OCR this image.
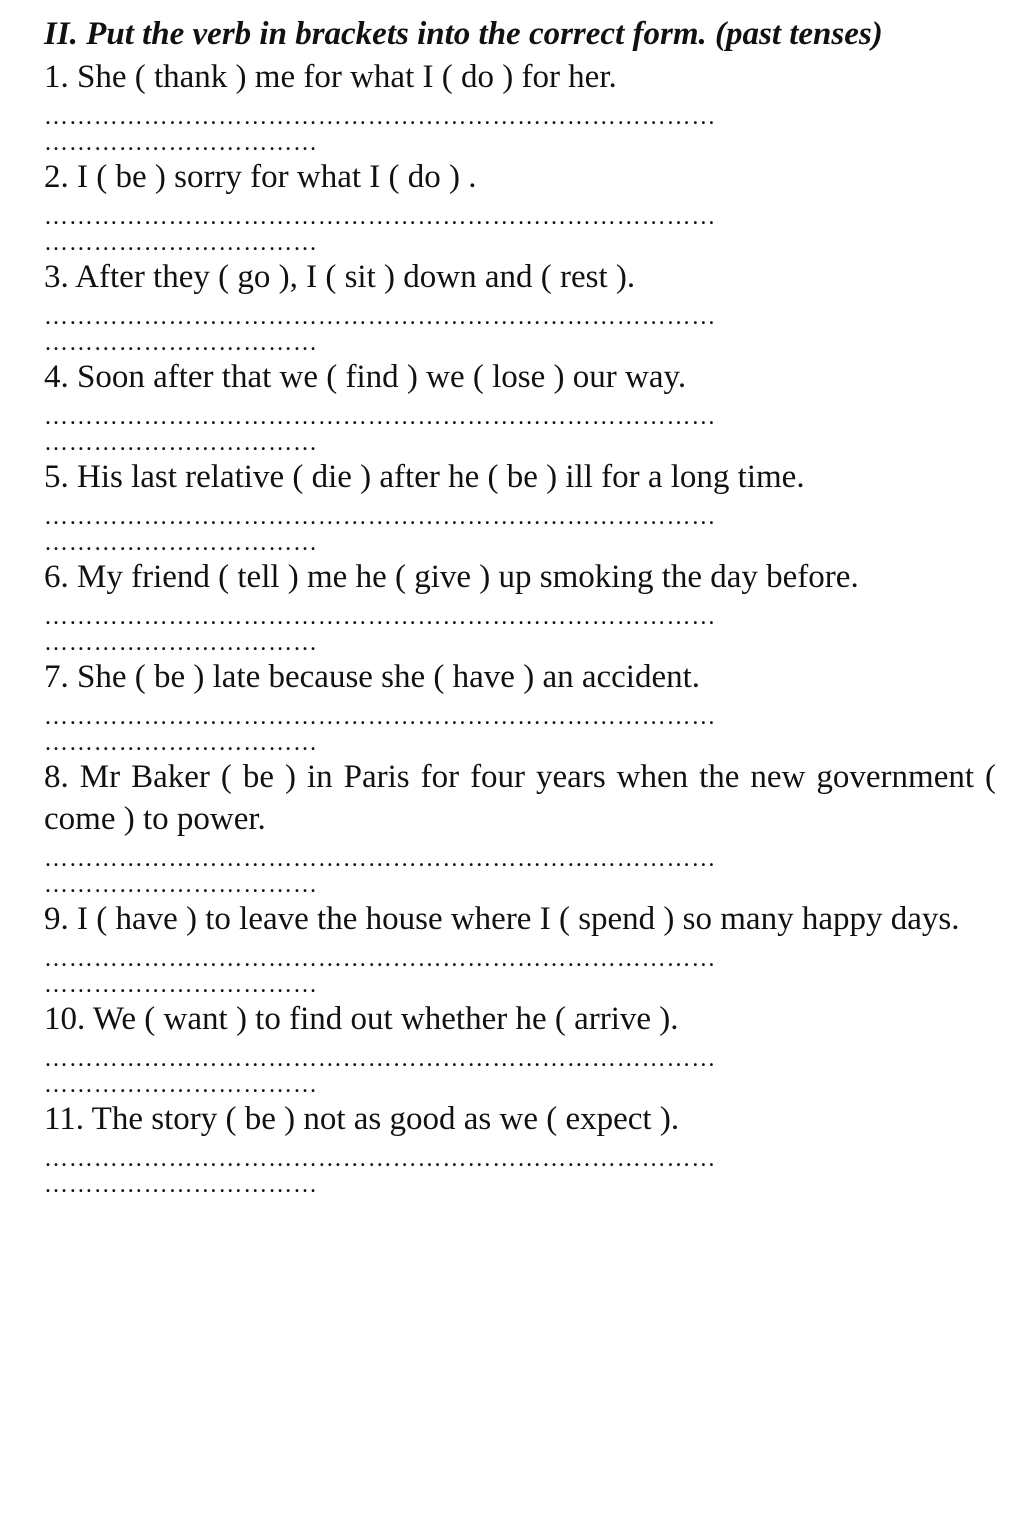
II. Put the verb in brackets into the correct form. (past tenses)

1. She ( thank ) me for what I ( do ) for her.

………………………………………………………………………

……………………………

2. I ( be ) sorry for what I ( do ) .

………………………………………………………………………

……………………………

3. After they ( go ), I ( sit ) down and ( rest ).

………………………………………………………………………

……………………………

4. Soon after that we ( find ) we ( lose ) our way.

………………………………………………………………………

……………………………

5. His last relative ( die ) after he ( be ) ill for a long time.

………………………………………………………………………

……………………………

6. My friend ( tell ) me he ( give ) up smoking the day before.

………………………………………………………………………

……………………………

7. She ( be ) late because she ( have ) an accident.

………………………………………………………………………

……………………………

8. Mr Baker ( be ) in Paris for four years when the new government ( come ) to power.

………………………………………………………………………

……………………………

9. I ( have ) to leave the house where I ( spend ) so many happy days.

………………………………………………………………………

……………………………

10. We ( want ) to find out whether he ( arrive ).

………………………………………………………………………

……………………………

11. The story ( be ) not as good as we ( expect ).

………………………………………………………………………

……………………………
